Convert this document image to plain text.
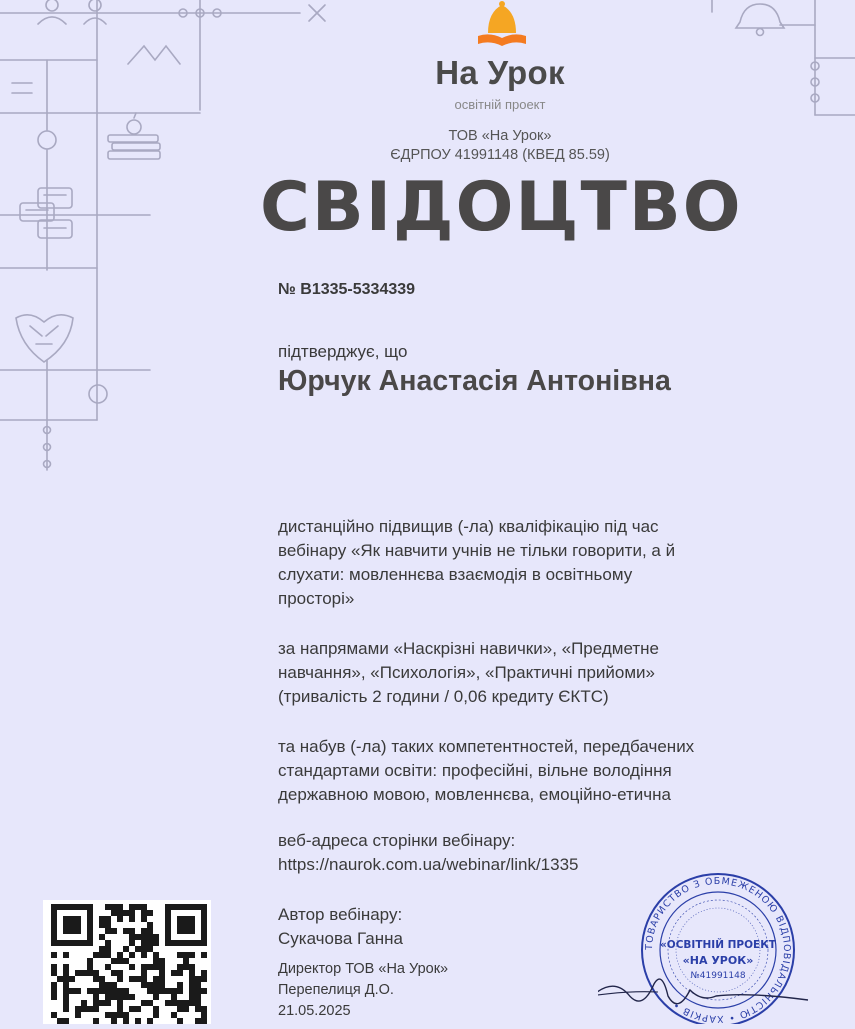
На Урок
освітній проект
ТОВ «На Урок»
ЄДРПОУ 41991148 (КВЕД 85.59)
СВІДОЦТВО
№ В1335-5334339
підтверджує, що
Юрчук Анастасія Антонівна
дистанційно підвищив (-ла) кваліфікацію під час
вебінару «Як навчити учнів не тільки говорити, а й
слухати: мовленнєва взаємодія в освітньому
просторі»
за напрямами «Наскрізні навички», «Предметне
навчання», «Психологія», «Практичні прийоми»
(тривалість 2 години / 0,06 кредиту ЄКТС)
та набув (-ла) таких компетентностей, передбачених
стандартами освіти: професійні, вільне володіння
державною мовою, мовленнєва, емоційно-етична
веб-адреса сторінки вебінару:
https://naurok.com.ua/webinar/link/1335
Автор вебінару:
Сукачова Ганна
Директор ТОВ «На Урок»
Перепелиця Д.О.
21.05.2025
ТОВАРИСТВО З ОБМЕЖЕНОЮ ВІДПОВІДАЛЬНІСТЮ • ХАРКІВ •
«ОСВІТНІЙ ПРОЕКТ
«НА УРОК»
№41991148
